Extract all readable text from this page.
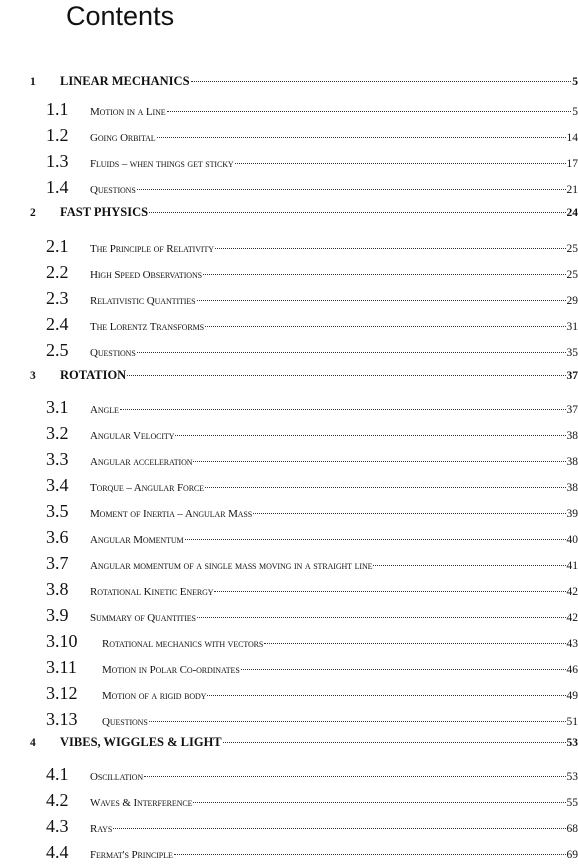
Contents
1	LINEAR MECHANICS	5
1.1	Motion in a Line	5
1.2	Going Orbital	14
1.3	Fluids – when things get sticky	17
1.4	Questions	21
2	FAST PHYSICS	24
2.1	The Principle of Relativity	25
2.2	High Speed Observations	25
2.3	Relativistic Quantities	29
2.4	The Lorentz Transforms	31
2.5	Questions	35
3	ROTATION	37
3.1	Angle	37
3.2	Angular Velocity	38
3.3	Angular acceleration	38
3.4	Torque – Angular Force	38
3.5	Moment of Inertia – Angular Mass	39
3.6	Angular Momentum	40
3.7	Angular momentum of a single mass moving in a straight line	41
3.8	Rotational Kinetic Energy	42
3.9	Summary of Quantities	42
3.10	Rotational mechanics with vectors	43
3.11	Motion in Polar Co-ordinates	46
3.12	Motion of a rigid body	49
3.13	Questions	51
4	VIBES, WIGGLES & LIGHT	53
4.1	Oscillation	53
4.2	Waves & Interference	55
4.3	Rays	68
4.4	Fermat's Principle	69
